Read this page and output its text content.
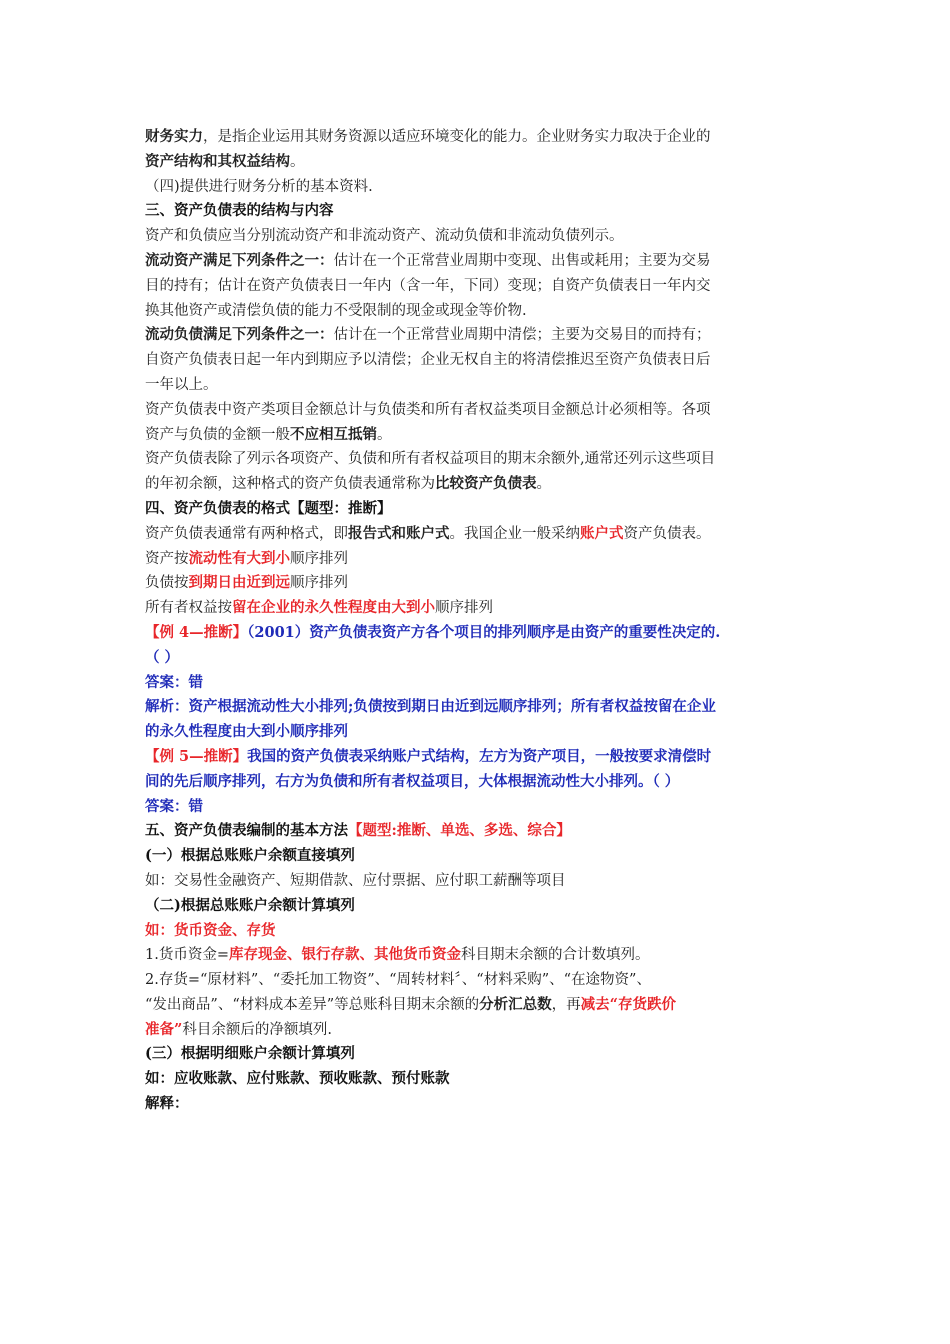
财务实力，是指企业运用其财务资源以适应环境变化的能力。企业财务实力取决于企业的
资产结构和其权益结构。
（四)提供进行财务分析的基本资料.
三、资产负债表的结构与内容
资产和负债应当分别流动资产和非流动资产、流动负债和非流动负债列示。
流动资产满足下列条件之一：估计在一个正常营业周期中变现、出售或耗用；主要为交易
目的持有；估计在资产负债表日一年内（含一年，下同）变现；自资产负债表日一年内交
换其他资产或清偿负债的能力不受限制的现金或现金等价物.
流动负债满足下列条件之一：估计在一个正常营业周期中清偿；主要为交易目的而持有；
自资产负债表日起一年内到期应予以清偿；企业无权自主的将清偿推迟至资产负债表日后
一年以上。
资产负债表中资产类项目金额总计与负债类和所有者权益类项目金额总计必须相等。各项
资产与负债的金额一般不应相互抵销。
资产负债表除了列示各项资产、负债和所有者权益项目的期末余额外,通常还列示这些项目
的年初余额，这种格式的资产负债表通常称为比较资产负债表。
四、资产负债表的格式【题型：推断】
资产负债表通常有两种格式，即报告式和账户式。我国企业一般采纳账户式资产负债表。
资产按流动性有大到小顺序排列
负债按到期日由近到远顺序排列
所有者权益按留在企业的永久性程度由大到小顺序排列
【例 4—推断】（2001）资产负债表资产方各个项目的排列顺序是由资产的重要性决定的.
（ ）
答案：错
解析：资产根据流动性大小排列;负债按到期日由近到远顺序排列；所有者权益按留在企业
的永久性程度由大到小顺序排列
【例 5—推断】我国的资产负债表采纳账户式结构，左方为资产项目，一般按要求清偿时
间的先后顺序排列，右方为负债和所有者权益项目，大体根据流动性大小排列。（ ）
答案：错
五、资产负债表编制的基本方法【题型:推断、单选、多选、综合】
(一）根据总账账户余额直接填列
如：交易性金融资产、短期借款、应付票据、应付职工薪酬等项目
（二)根据总账账户余额计算填列
如：货币资金、存货
1.货币资金=库存现金、银行存款、其他货币资金科目期末余额的合计数填列。
2.存货=“原材料”、“委托加工物资”、“周转材料〞、“材料采购”、“在途物资”、
“发出商品”、“材料成本差异”等总账科目期末余额的分析汇总数，再减去“存货跌价
准备”科目余额后的净额填列.
(三）根据明细账户余额计算填列
如：应收账款、应付账款、预收账款、预付账款
解释：
